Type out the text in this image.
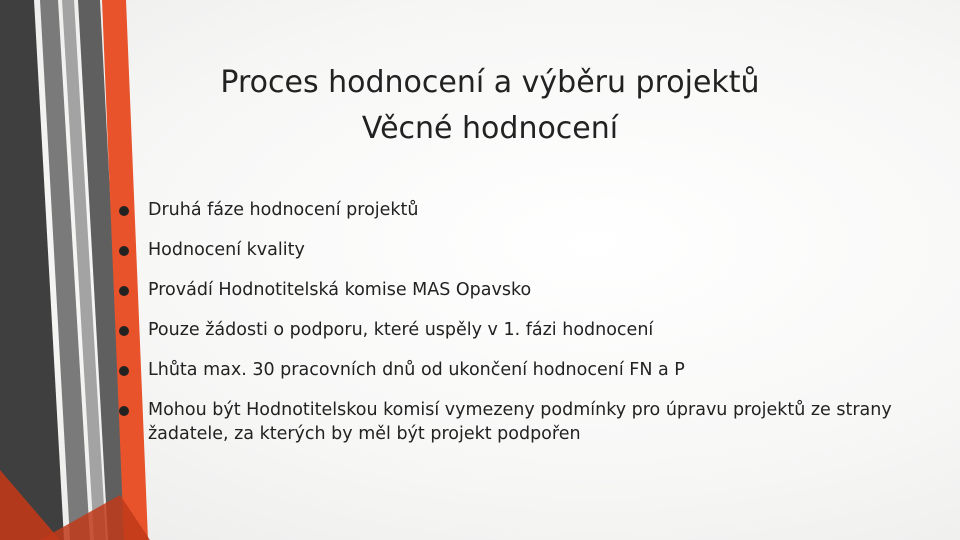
Proces hodnocení a výběru projektů
Věcné hodnocení
Druhá fáze hodnocení projektů
Hodnocení kvality
Provádí Hodnotitelská komise MAS Opavsko
Pouze žádosti o podporu, které uspěly v 1. fázi hodnocení
Lhůta max. 30 pracovních dnů od ukončení hodnocení FN a P
Mohou být Hodnotitelskou komisí vymezeny podmínky pro úpravu projektů ze strany žadatele, za kterých by měl být projekt podpořen
